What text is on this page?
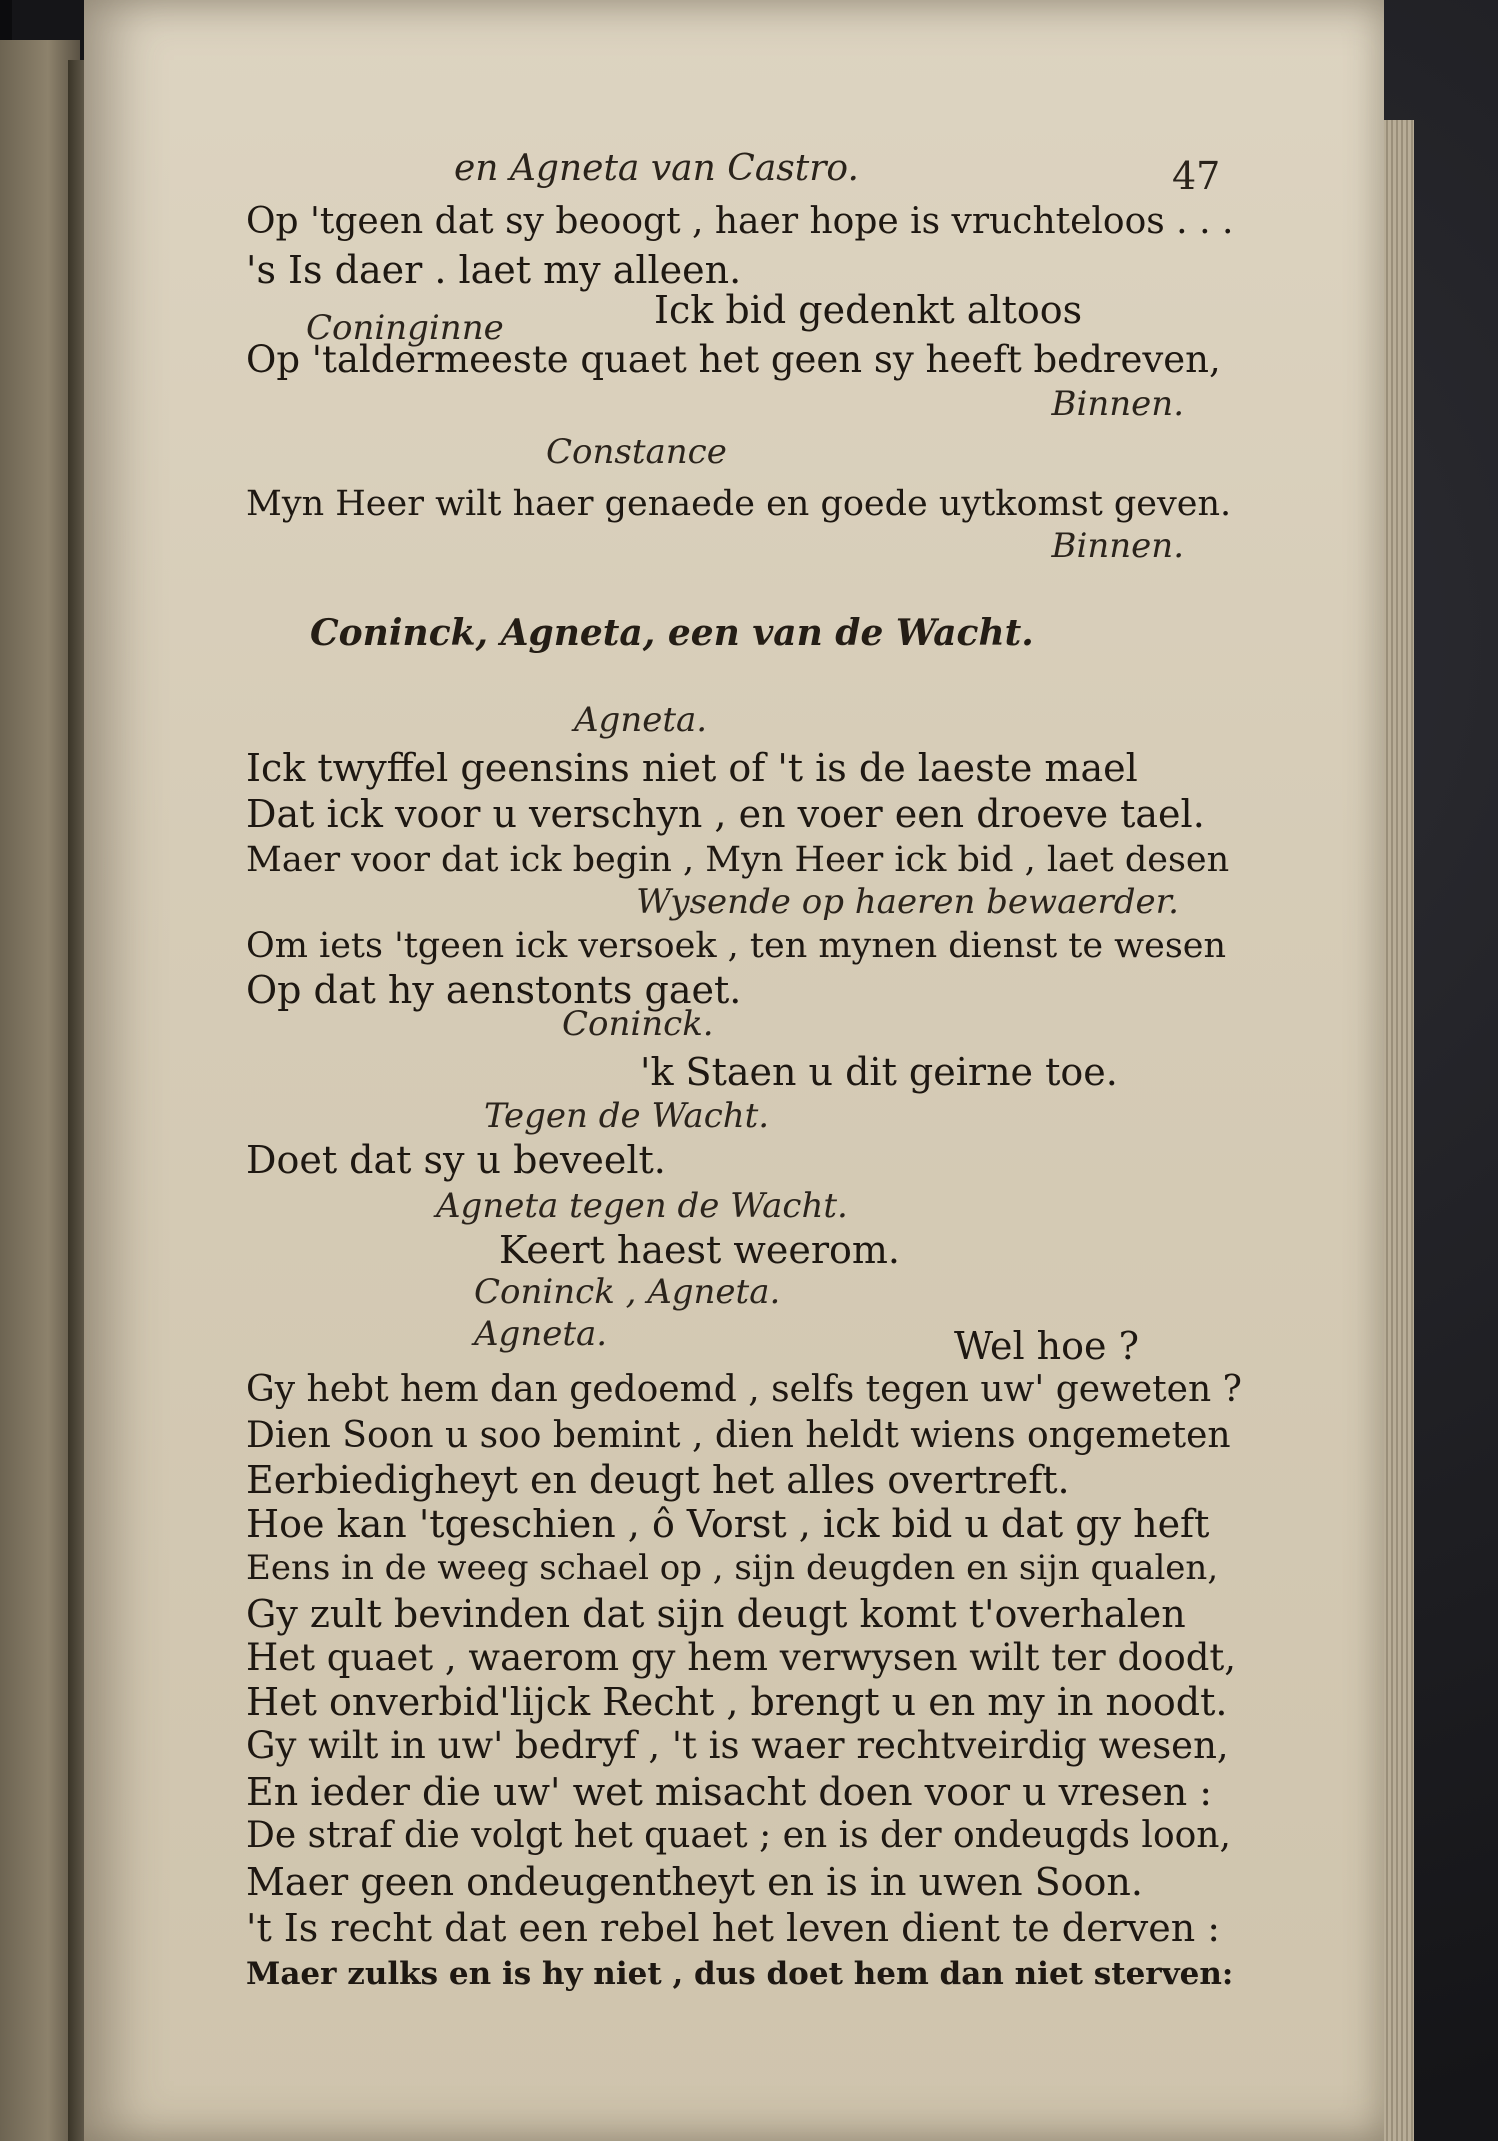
en Agneta van Castro.	47
Op 'tgeen dat sy beoogt , haer hope is vruchteloos . . .
's Is daer . laet my alleen.
Coninginne	Ick bid gedenkt altoos
Op 'taldermeeste quaet het geen sy heeft bedreven,
Binnen.
Constance
Myn Heer wilt haer genaede en goede uytkomst geven.
Binnen.
Coninck, Agneta, een van de Wacht.
Agneta.
Ick twyffel geensins niet of 't is de laeste mael
Dat ick voor u verschyn , en voer een droeve tael.
Maer voor dat ick begin , Myn Heer ick bid , laet desen
Wysende op haeren bewaerder.
Om iets 'tgeen ick versoek , ten mynen dienst te wesen
Op dat hy aenstonts gaet.
Coninck.
'k Staen u dit geirne toe.
Tegen de Wacht.
Doet dat sy u beveelt.
Agneta tegen de Wacht.
Keert haest weerom.
Coninck , Agneta.
Agneta.	Wel hoe ?
Gy hebt hem dan gedoemd , selfs tegen uw' geweten ?
Dien Soon u soo bemint , dien heldt wiens ongemeten
Eerbiedigheyt en deugt het alles overtreft.
Hoe kan 'tgeschien , ô Vorst , ick bid u dat gy heft
Eens in de weeg schael op , sijn deugden en sijn qualen,
Gy zult bevinden dat sijn deugt komt t'overhalen
Het quaet , waerom gy hem verwysen wilt ter doodt,
Het onverbid'lijck Recht , brengt u en my in noodt.
Gy wilt in uw' bedryf , 't is waer rechtveirdig wesen,
En ieder die uw' wet misacht doen voor u vresen :
De straf die volgt het quaet ; en is der ondeugds loon,
Maer geen ondeugentheyt en is in uwen Soon.
't Is recht dat een rebel het leven dient te derven :
Maer zulks en is hy niet , dus doet hem dan niet sterven:
